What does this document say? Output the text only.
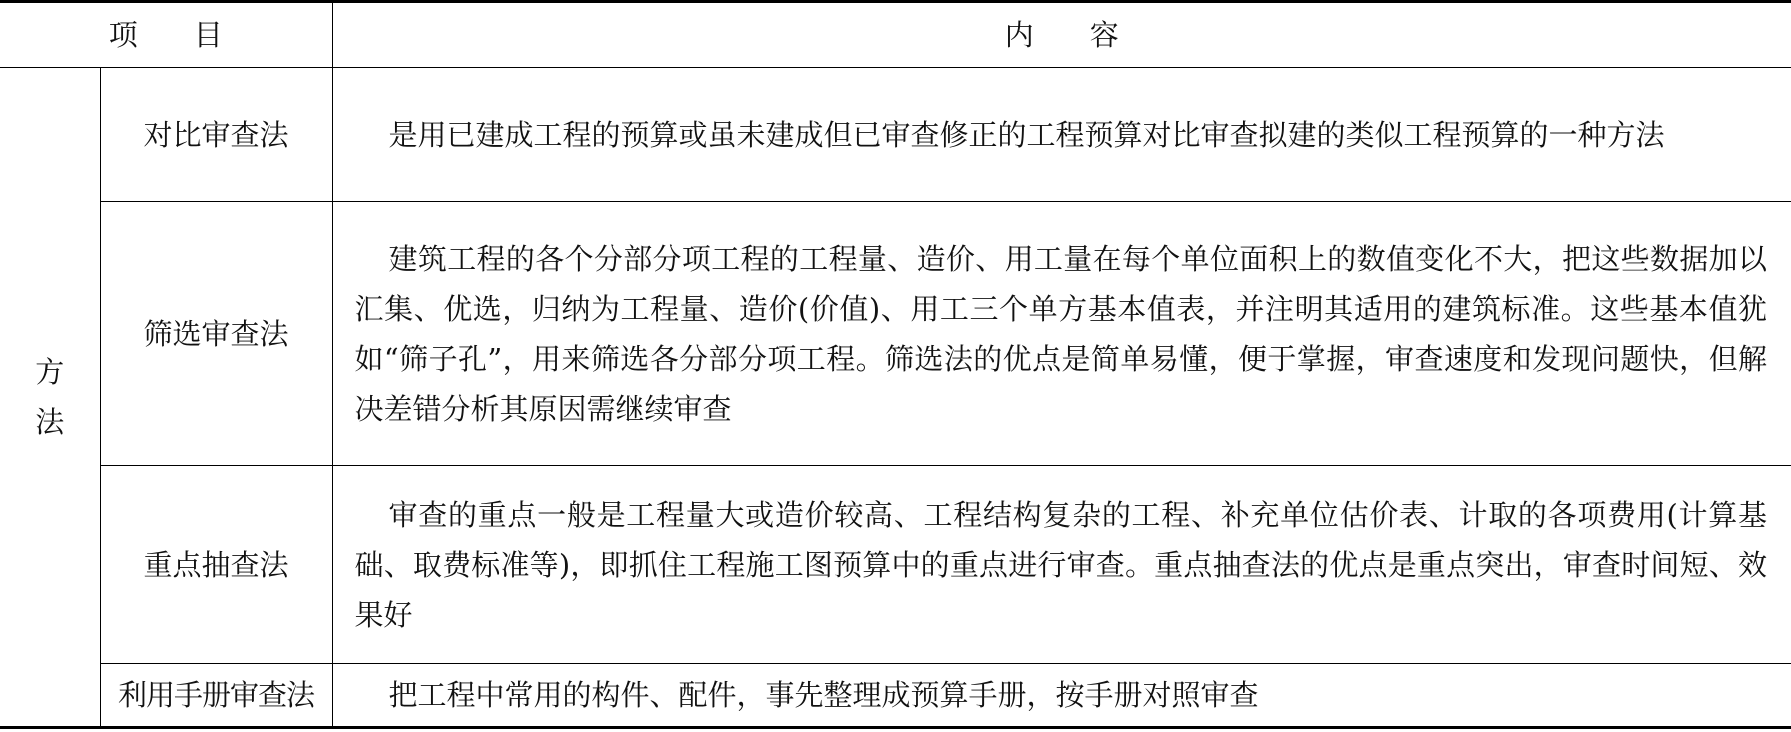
项目		内容

方
法	对比审查法	是用已建成工程的预算或虽未建成但已审查修正的工程预算对比审查拟建的类似工程预算的一种方法
	筛选审查法	建筑工程的各个分部分项工程的工程量、造价、用工量在每个单位面积上的数值变化不大，把这些数据加以汇集、优选，归纳为工程量、造价(价值)、用工三个单方基本值表，并注明其适用的建筑标准。这些基本值犹如“筛子孔”，用来筛选各分部分项工程。筛选法的优点是简单易懂，便于掌握，审查速度和发现问题快，但解决差错分析其原因需继续审查
	重点抽查法	审查的重点一般是工程量大或造价较高、工程结构复杂的工程、补充单位估价表、计取的各项费用(计算基础、取费标准等)，即抓住工程施工图预算中的重点进行审查。重点抽查法的优点是重点突出，审查时间短、效果好
	利用手册审查法	把工程中常用的构件、配件，事先整理成预算手册，按手册对照审查
